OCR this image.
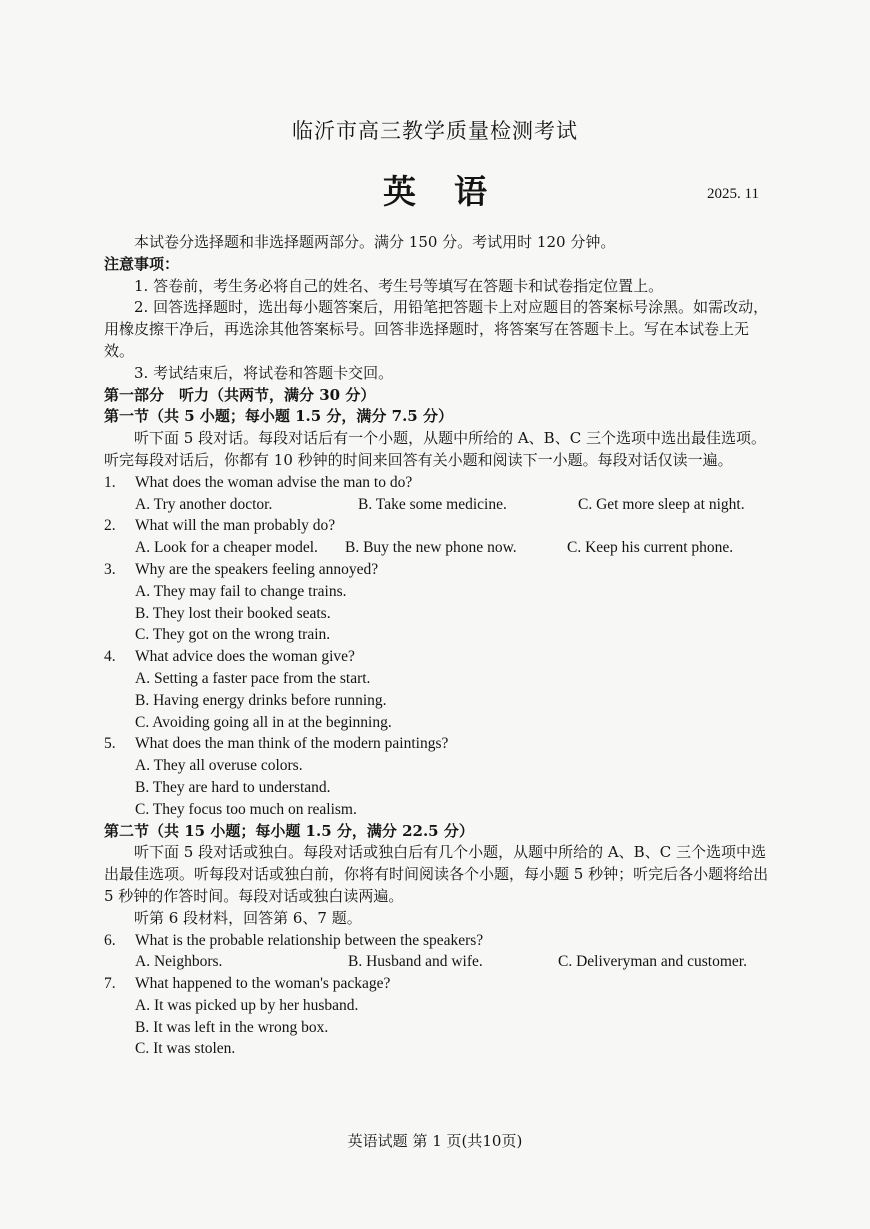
临沂市高三教学质量检测考试
英语	2025. 11

本试卷分选择题和非选择题两部分。满分 150 分。考试用时 120 分钟。

注意事项：

1. 答卷前，考生务必将自己的姓名、考生号等填写在答题卡和试卷指定位置上。

2. 回答选择题时，选出每小题答案后，用铅笔把答题卡上对应题目的答案标号涂黑。如需改动，用橡皮擦干净后，再选涂其他答案标号。回答非选择题时，将答案写在答题卡上。写在本试卷上无效。

3. 考试结束后，将试卷和答题卡交回。

第一部分　听力（共两节，满分 30 分）

第一节（共 5 小题；每小题 1.5 分，满分 7.5 分）

听下面 5 段对话。每段对话后有一个小题，从题中所给的 A、B、C 三个选项中选出最佳选项。听完每段对话后，你都有 10 秒钟的时间来回答有关小题和阅读下一小题。每段对话仅读一遍。

1.	What does the woman advise the man to do?
A. Try another doctor.	B. Take some medicine.	C. Get more sleep at night.
2.	What will the man probably do?
A. Look for a cheaper model.	B. Buy the new phone now.	C. Keep his current phone.
3.	Why are the speakers feeling annoyed?

A. They may fail to change trains.

B. They lost their booked seats.

C. They got on the wrong train.

4.	What advice does the woman give?

A. Setting a faster pace from the start.

B. Having energy drinks before running.

C. Avoiding going all in at the beginning.

5.	What does the man think of the modern paintings?

A. They all overuse colors.

B. They are hard to understand.

C. They focus too much on realism.

第二节（共 15 小题；每小题 1.5 分，满分 22.5 分）

听下面 5 段对话或独白。每段对话或独白后有几个小题，从题中所给的 A、B、C 三个选项中选出最佳选项。听每段对话或独白前，你将有时间阅读各个小题，每小题 5 秒钟；听完后各小题将给出 5 秒钟的作答时间。每段对话或独白读两遍。

听第 6 段材料，回答第 6、7 题。

6.	What is the probable relationship between the speakers?
A. Neighbors.	B. Husband and wife.	C. Deliveryman and customer.
7.	What happened to the woman's package?

A. It was picked up by her husband.

B. It was left in the wrong box.

C. It was stolen.

英语试题 第 1 页(共10页)
